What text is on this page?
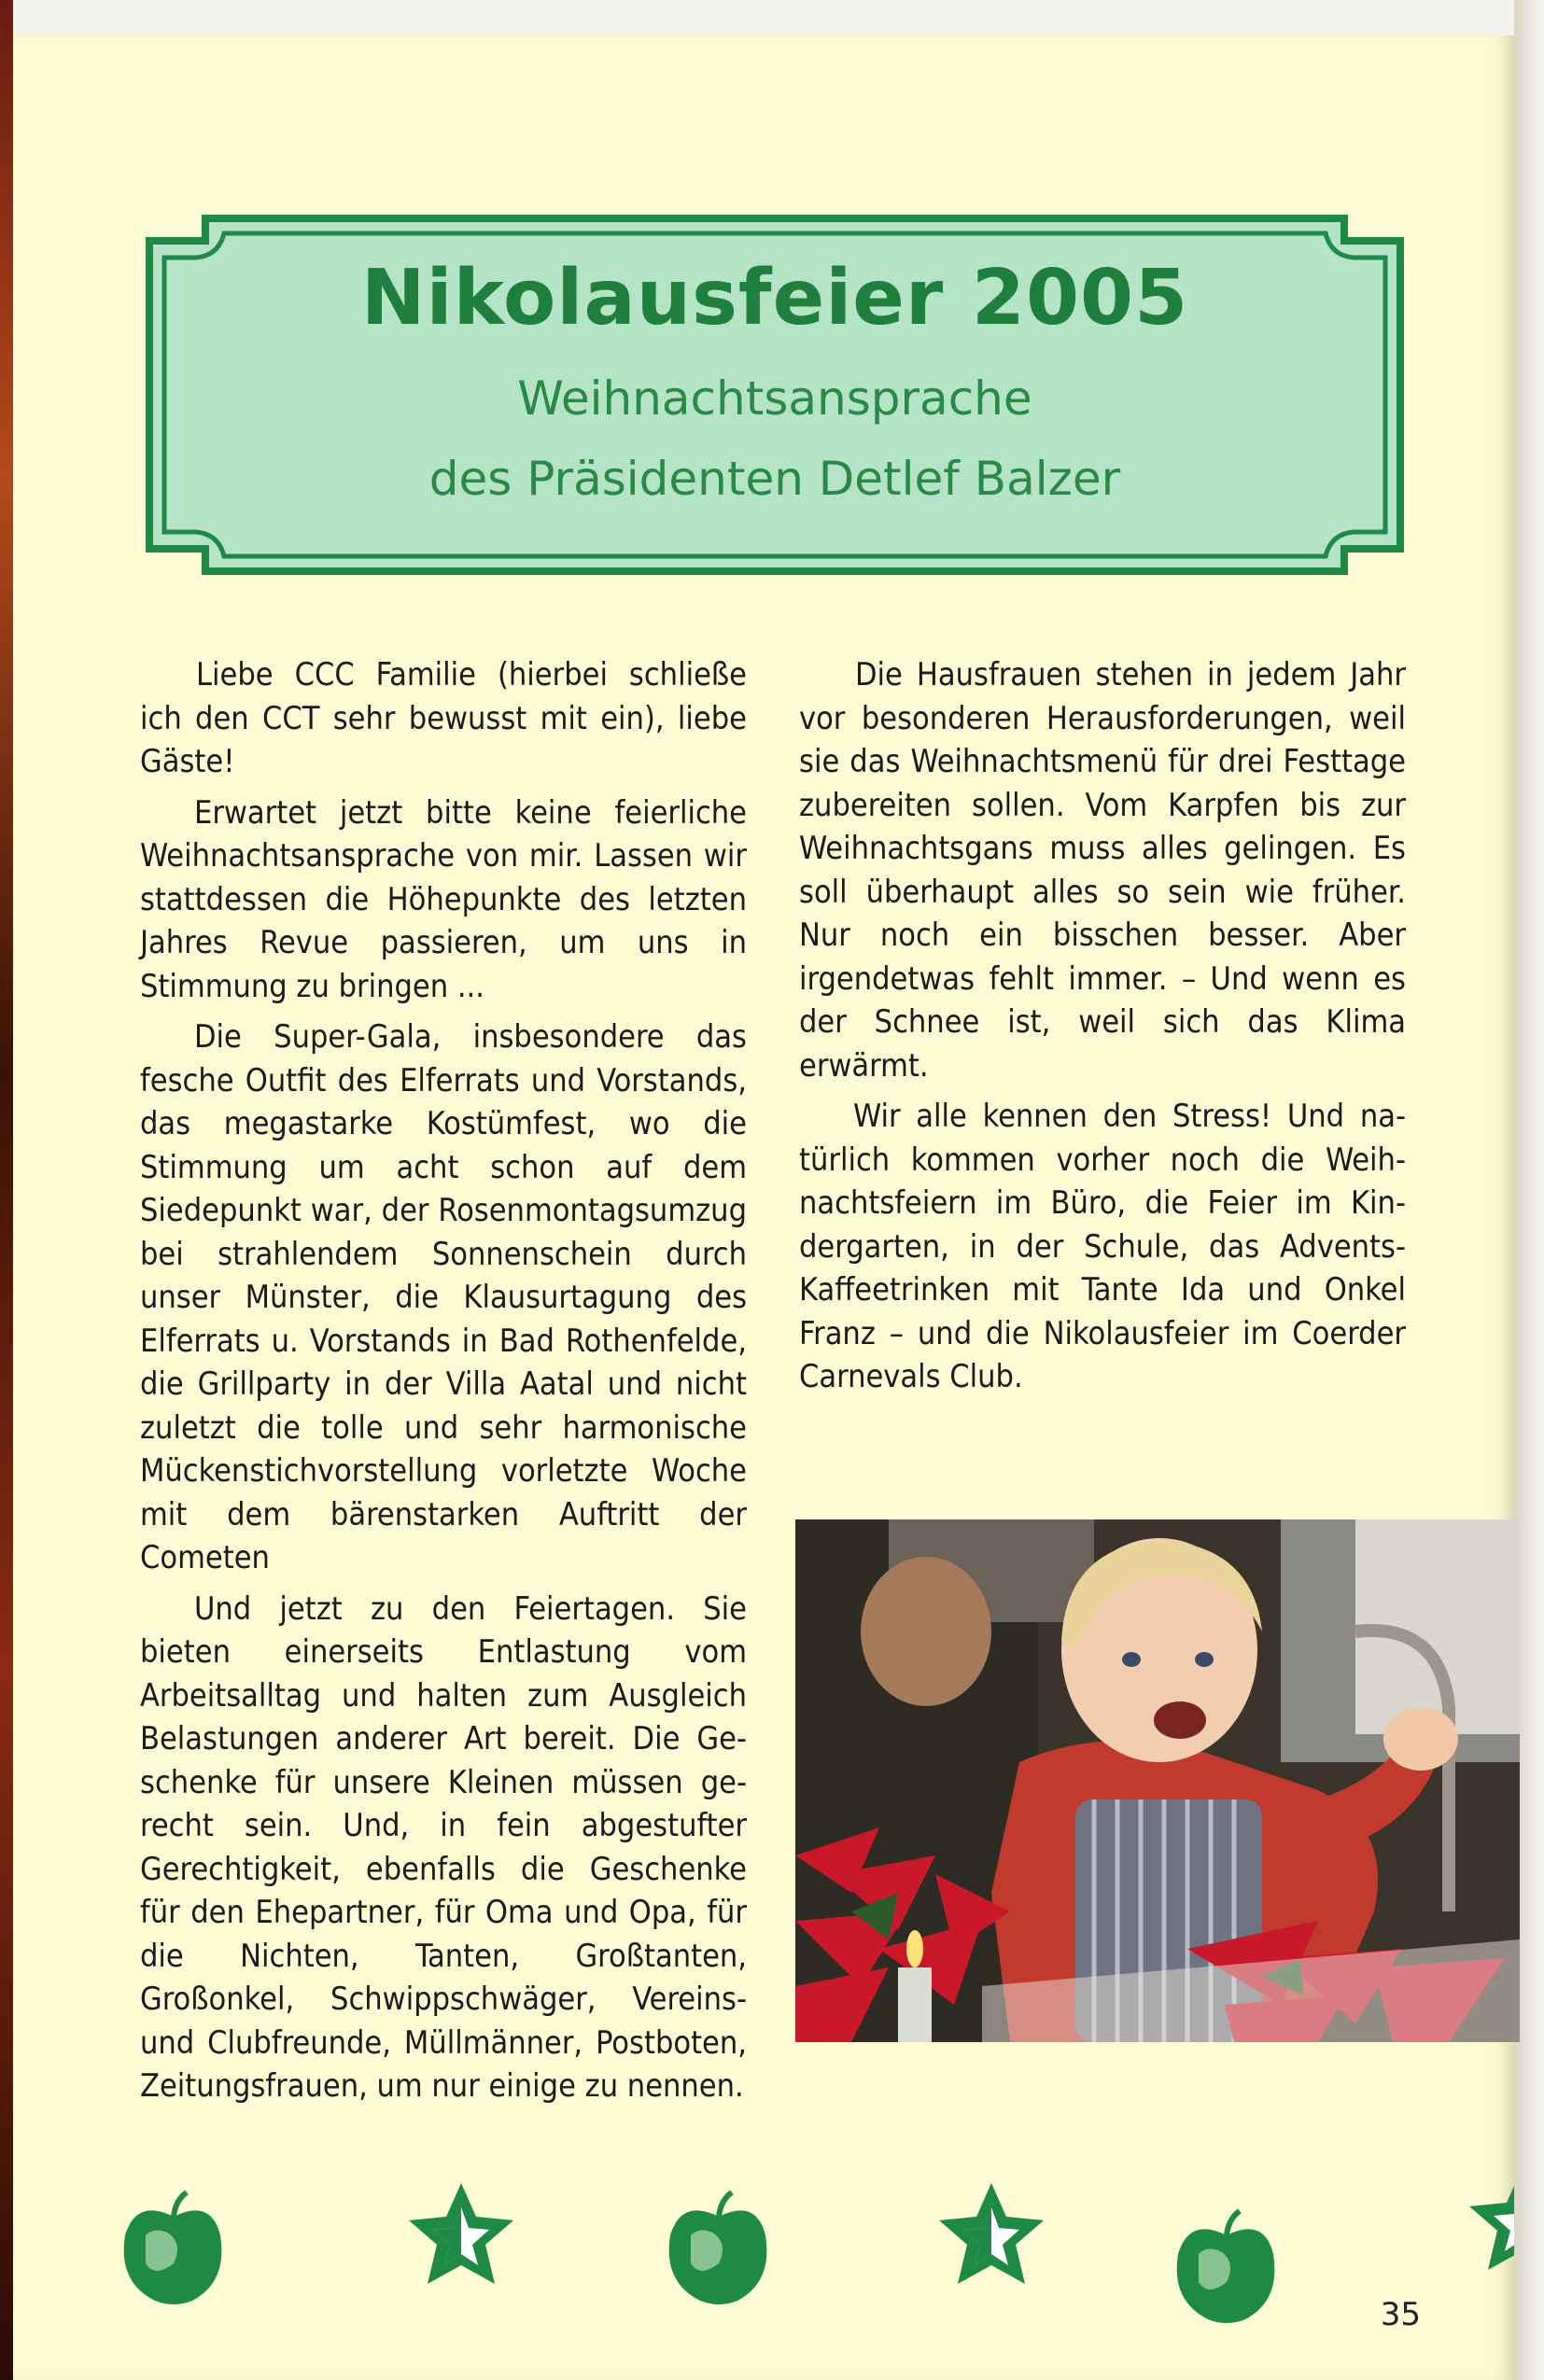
Nikolausfeier 2005
Weihnachtsansprache
des Präsidenten Detlef Balzer

Liebe CCC Familie (hierbei schließe ich den CCT sehr bewusst mit ein), liebe Gäste!

Erwartet jetzt bitte keine feierliche Weihnachtsansprache von mir. Lassen wir stattdessen die Höhepunkte des letzten Jahres Revue passieren, um uns in Stimmung zu bringen ...

Die Super-Gala, insbesondere das fesche Outfit des Elferrats und Vorstands, das megastarke Kostümfest, wo die Stimmung um acht schon auf dem Siedepunkt war, der Rosenmontagsumzug bei strahlendem Sonnenschein durch unser Münster, die Klausurtagung des Elferrats u. Vorstands in Bad Rothenfelde, die Grillparty in der Villa Aatal und nicht zuletzt die tolle und sehr harmonische Mückenstichvorstellung vorletzte Woche mit dem bärenstarken Auftritt der Cometen

Und jetzt zu den Feiertagen. Sie bieten einerseits Entlastung vom Arbeitsalltag und halten zum Ausgleich Belastungen anderer Art bereit. Die Geschenke für unsere Kleinen müssen gerecht sein. Und, in fein abgestufter Gerechtigkeit, ebenfalls die Geschenke für den Ehepartner, für Oma und Opa, für die Nichten, Tanten, Großtanten, Großonkel, Schwippschwäger, Vereins- und Clubfreunde, Müllmänner, Postboten, Zeitungsfrauen, um nur einige zu nennen.

Die Hausfrauen stehen in jedem Jahr vor besonderen Herausforderungen, weil sie das Weihnachtsmenü für drei Festtage zubereiten sollen. Vom Karpfen bis zur Weihnachtsgans muss alles gelingen. Es soll überhaupt alles so sein wie früher. Nur noch ein bisschen besser. Aber irgendetwas fehlt immer. – Und wenn es der Schnee ist, weil sich das Klima erwärmt.

Wir alle kennen den Stress! Und natürlich kommen vorher noch die Weihnachtsfeiern im Büro, die Feier im Kindergarten, in der Schule, das Advents-Kaffeetrinken mit Tante Ida und Onkel Franz – und die Nikolausfeier im Coerder Carnevals Club.

35
